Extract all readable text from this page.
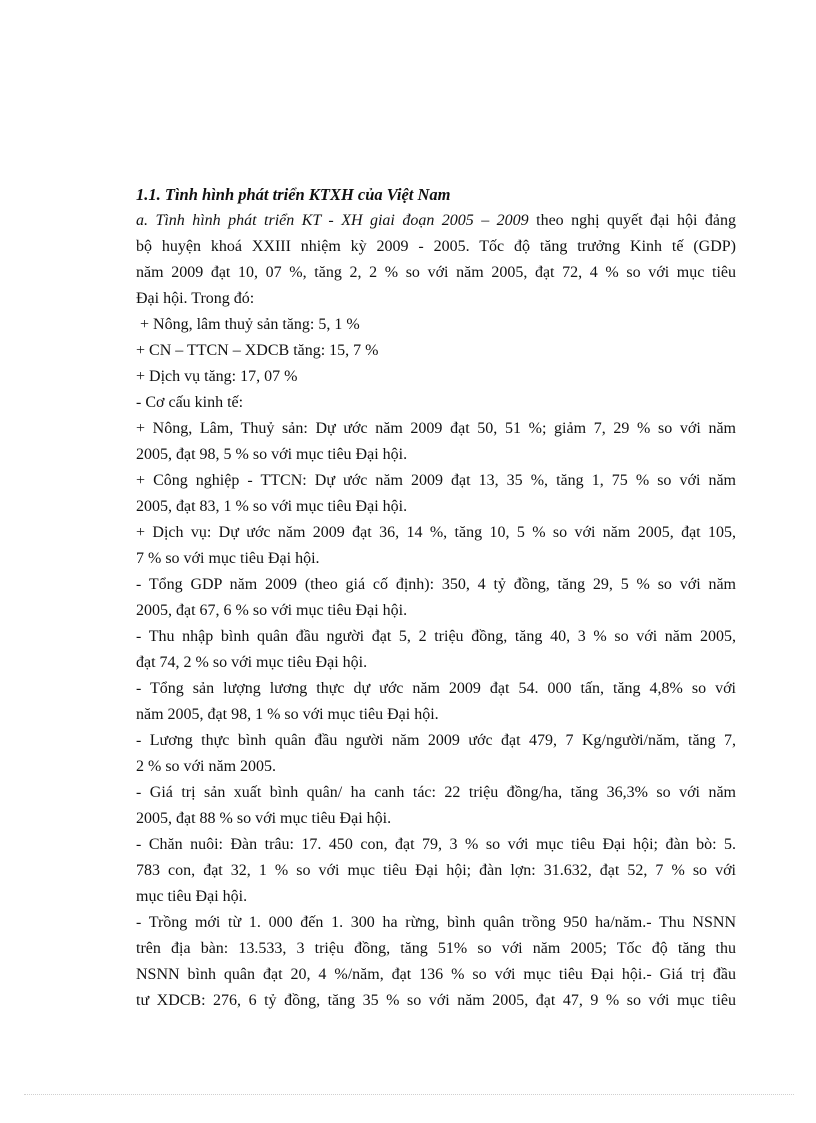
1.1. Tình hình phát triển KTXH của Việt Nam

a. Tình hình phát triển KT - XH giai đoạn 2005 – 2009 theo nghị quyết đại hội đảng

bộ huyện khoá XXIII nhiệm kỳ 2009 - 2005. Tốc độ tăng trưởng Kinh tế (GDP)

năm 2009 đạt 10, 07 %, tăng 2, 2 % so với năm 2005, đạt 72, 4 % so với mục tiêu

Đại hội. Trong đó:

+ Nông, lâm thuỷ sản tăng: 5, 1 %

+ CN – TTCN – XDCB tăng: 15, 7 %

+ Dịch vụ tăng: 17, 07 %

- Cơ cấu kinh tế:

+ Nông, Lâm, Thuỷ sản: Dự ước năm 2009 đạt 50, 51 %; giảm 7, 29 % so với năm

2005, đạt 98, 5 % so với mục tiêu Đại hội.

+ Công nghiệp - TTCN: Dự ước năm 2009 đạt 13, 35 %, tăng 1, 75 % so với năm

2005, đạt 83, 1 % so với mục tiêu Đại hội.

+ Dịch vụ: Dự ước năm 2009 đạt 36, 14 %, tăng 10, 5 % so với năm 2005, đạt 105,

7 % so với mục tiêu Đại hội.

- Tổng GDP năm 2009 (theo giá cố định): 350, 4 tỷ đồng, tăng 29, 5 % so với năm

2005, đạt 67, 6 % so với mục tiêu Đại hội.

- Thu nhập bình quân đầu người đạt 5, 2 triệu đồng, tăng 40, 3 % so với năm 2005,

đạt 74, 2 % so với mục tiêu Đại hội.

- Tổng sản lượng lương thực dự ước năm 2009 đạt 54. 000 tấn, tăng 4,8% so với

năm 2005, đạt 98, 1 % so với mục tiêu Đại hội.

- Lương thực bình quân đầu người năm 2009 ước đạt 479, 7 Kg/người/năm, tăng 7,

2 % so với năm 2005.

- Giá trị sản xuất bình quân/ ha canh tác: 22 triệu đồng/ha, tăng 36,3% so với năm

2005, đạt 88 % so với mục tiêu Đại hội.

- Chăn nuôi: Đàn trâu: 17. 450 con, đạt 79, 3 % so với mục tiêu Đại hội; đàn bò: 5.

783 con, đạt 32, 1 % so với mục tiêu Đại hội; đàn lợn: 31.632, đạt 52, 7 % so với

mục tiêu Đại hội.

- Trồng mới từ 1. 000 đến 1. 300 ha rừng, bình quân trồng 950 ha/năm.- Thu NSNN

trên địa bàn: 13.533, 3 triệu đồng, tăng 51% so với năm 2005; Tốc độ tăng thu

NSNN bình quân đạt 20, 4 %/năm, đạt 136 % so với mục tiêu Đại hội.- Giá trị đầu

tư XDCB: 276, 6 tỷ đồng, tăng 35 % so với năm 2005, đạt 47, 9 % so với mục tiêu
